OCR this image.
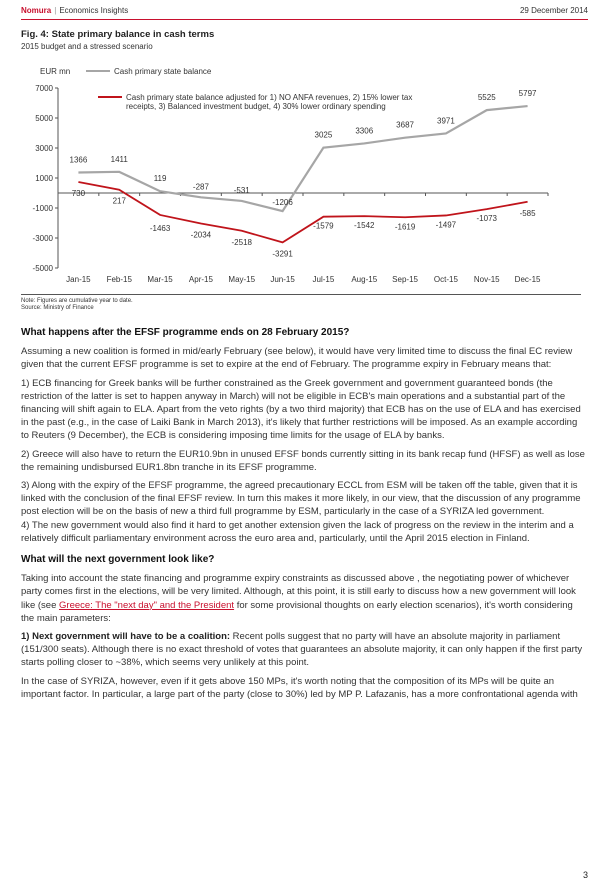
Nomura | Economics Insights	29 December 2014
Fig. 4: State primary balance in cash terms
2015 budget and a stressed scenario
EUR mn
-5000
-3000
-1000
1000
3000
5000
7000
Jan-15 Feb-15 Mar-15 Apr-15 May-15 Jun-15 Jul-15 Aug-15 Sep-15 Oct-15 Nov-15 Dec-15
Cash primary state balance
Cash primary state balance adjusted for 1) NO ANFA revenues, 2) 15% lower tax receipts, 3) Balanced investment budget, 4) 30% lower ordinary spending
1366	1411
119
-287	-531
-1206
3025	3306
3687	3971
5525	5797
730
217
-1463
-2034
-2518
-3291
-1579	-1542	-1619	-1497
-1073
-585
Note: Figures are cumulative year to date.
Source: Ministry of Finance
What happens after the EFSF programme ends on 28 February 2015?

Assuming a new coalition is formed in mid/early February (see below), it would have very limited time to discuss the final EC review given that the current EFSF programme is set to expire at the end of February. The programme expiry in February means that:

1) ECB financing for Greek banks will be further constrained as the Greek government and government guaranteed bonds (the restriction of the latter is set to happen anyway in March) will not be eligible in ECB's main operations and a substantial part of the financing will shift again to ELA. Apart from the veto rights (by a two third majority) that ECB has on the use of ELA and has exercised in the past (e.g., in the case of Laiki Bank in March 2013), it's likely that further restrictions will be imposed. As an example according to Reuters (9 December), the ECB is considering imposing time limits for the usage of ELA by banks.

2) Greece will also have to return the EUR10.9bn in unused EFSF bonds currently sitting in its bank recap fund (HFSF) as well as lose the remaining undisbursed EUR1.8bn tranche in its EFSF programme.

3) Along with the expiry of the EFSF programme, the agreed precautionary ECCL from ESM will be taken off the table, given that it is linked with the conclusion of the final EFSF review. In turn this makes it more likely, in our view, that the discussion of any programme post election will be on the basis of new a third full programme by ESM, particularly in the case of a SYRIZA led government.

4) The new government would also find it hard to get another extension given the lack of progress on the review in the interim and a relatively difficult parliamentary environment across the euro area and, particularly, until the April 2015 election in Finland.

What will the next government look like?

Taking into account the state financing and programme expiry constraints as discussed above , the negotiating power of whichever party comes first in the elections, will be very limited. Although, at this point, it is still early to discuss how a new government will look like (see Greece: The "next day" and the President for some provisional thoughts on early election scenarios), it's worth considering the main parameters:

1) Next government will have to be a coalition: Recent polls suggest that no party will have an absolute majority in parliament (151/300 seats). Although there is no exact threshold of votes that guarantees an absolute majority, it can only happen if the first party starts polling closer to ~38%, which seems very unlikely at this point.

In the case of SYRIZA, however, even if it gets above 150 MPs, it's worth noting that the composition of its MPs will be quite an important factor. In particular, a large part of the party (close to 30%) led by MP P. Lafazanis, has a more confrontational agenda with

3
